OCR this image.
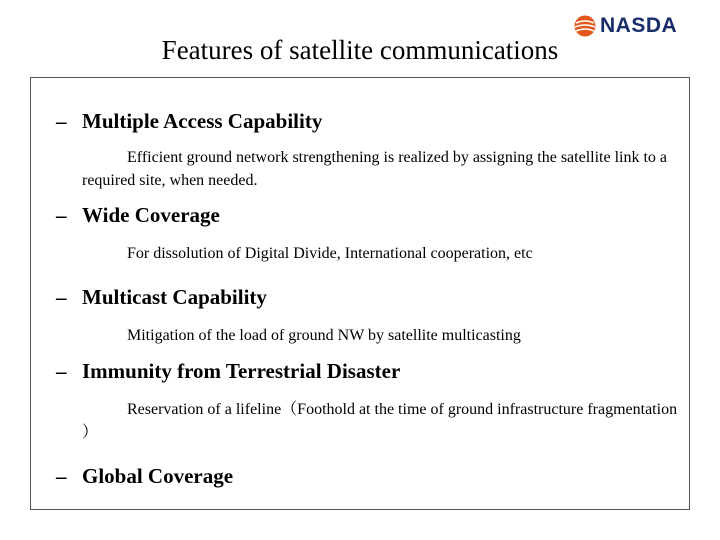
NASDA
Features of satellite communications
– Multiple Access Capability
Efficient ground network strengthening is realized by assigning the satellite link to a required site, when needed.
– Wide Coverage
For dissolution of Digital Divide, International cooperation, etc
– Multicast Capability
Mitigation of the load of ground NW by satellite multicasting
– Immunity from Terrestrial Disaster
Reservation of a lifeline（Foothold at the time of ground infrastructure fragmentation ）
– Global Coverage
